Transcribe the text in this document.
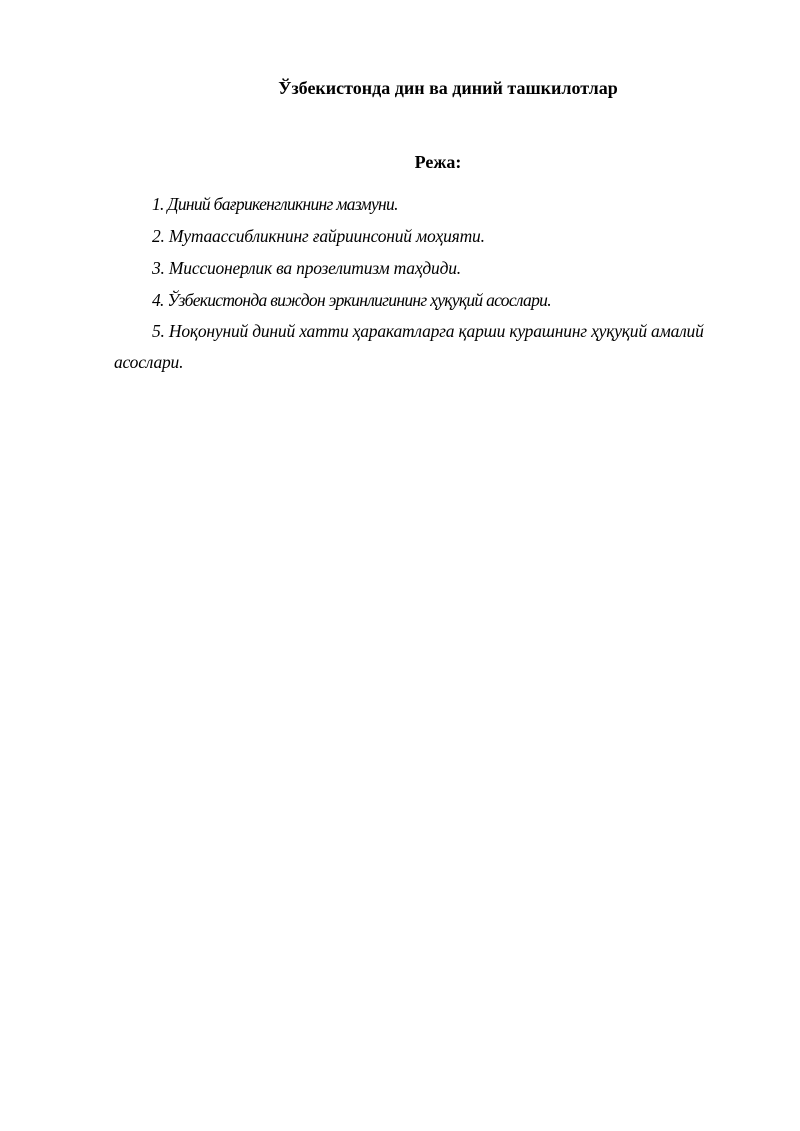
Ўзбекистонда дин ва диний ташкилотлар
Режа:
1. Диний бағрикенгликнинг мазмуни.
2. Мутаассибликнинг ғайриинсоний моҳияти.
3. Миссионерлик ва прозелитизм таҳдиди.
4. Ўзбекистонда виждон эркинлигининг ҳуқуқий асослари.
5. Ноқонуний диний хатти ҳаракатларга қарши курашнинг ҳуқуқий амалий асослари.
